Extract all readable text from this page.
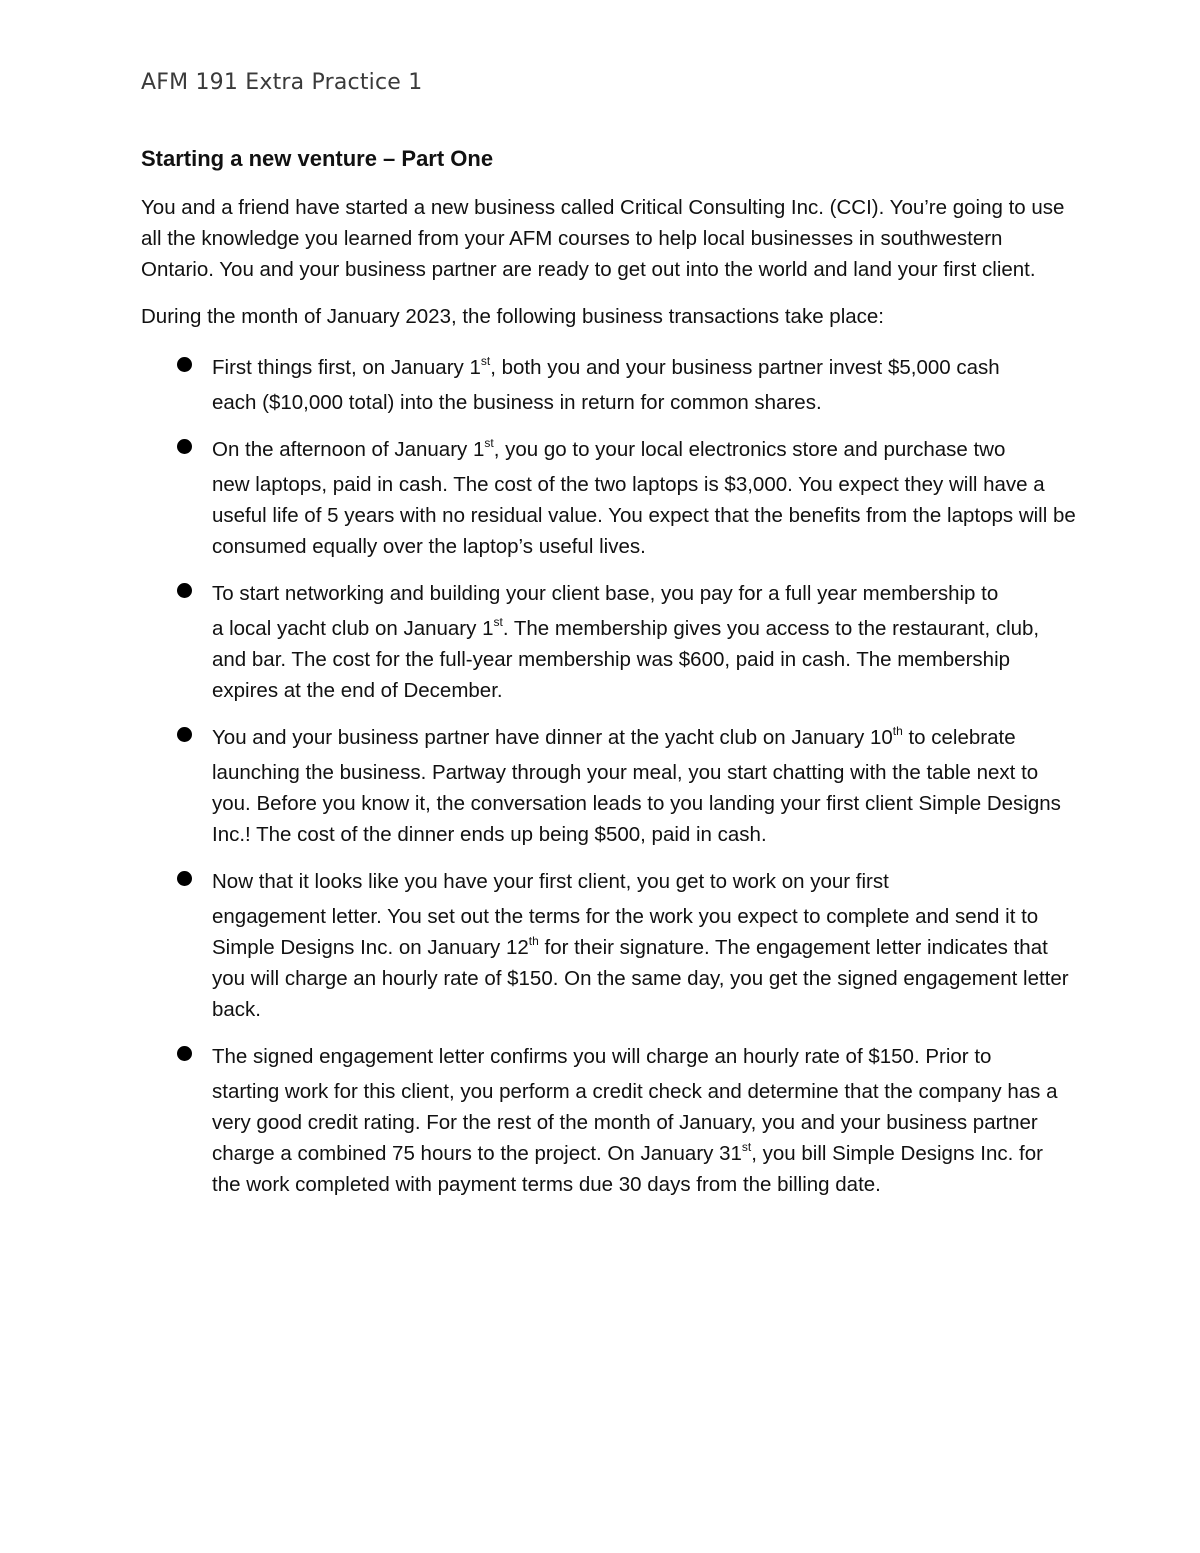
AFM 191 Extra Practice 1
Starting a new venture – Part One

You and a friend have started a new business called Critical Consulting Inc. (CCI). You’re going to use all the knowledge you learned from your AFM courses to help local businesses in southwestern Ontario. You and your business partner are ready to get out into the world and land your first client.

During the month of January 2023, the following business transactions take place:

First things first, on January 1st, both you and your business partner invest $5,000 cash
each ($10,000 total) into the business in return for common shares.
On the afternoon of January 1st, you go to your local electronics store and purchase two
new laptops, paid in cash. The cost of the two laptops is $3,000. You expect they will have a useful life of 5 years with no residual value. You expect that the benefits from the laptops will be consumed equally over the laptop’s useful lives.
To start networking and building your client base, you pay for a full year membership to
a local yacht club on January 1st. The membership gives you access to the restaurant, club, and bar. The cost for the full-year membership was $600, paid in cash. The membership expires at the end of December.
You and your business partner have dinner at the yacht club on January 10th to celebrate
launching the business. Partway through your meal, you start chatting with the table next to you. Before you know it, the conversation leads to you landing your first client Simple Designs Inc.! The cost of the dinner ends up being $500, paid in cash.
Now that it looks like you have your first client, you get to work on your first
engagement letter. You set out the terms for the work you expect to complete and send it to Simple Designs Inc. on January 12th for their signature. The engagement letter indicates that you will charge an hourly rate of $150. On the same day, you get the signed engagement letter back.
The signed engagement letter confirms you will charge an hourly rate of $150. Prior to
starting work for this client, you perform a credit check and determine that the company has a very good credit rating. For the rest of the month of January, you and your business partner charge a combined 75 hours to the project. On January 31st, you bill Simple Designs Inc. for the work completed with payment terms due 30 days from the billing date.
